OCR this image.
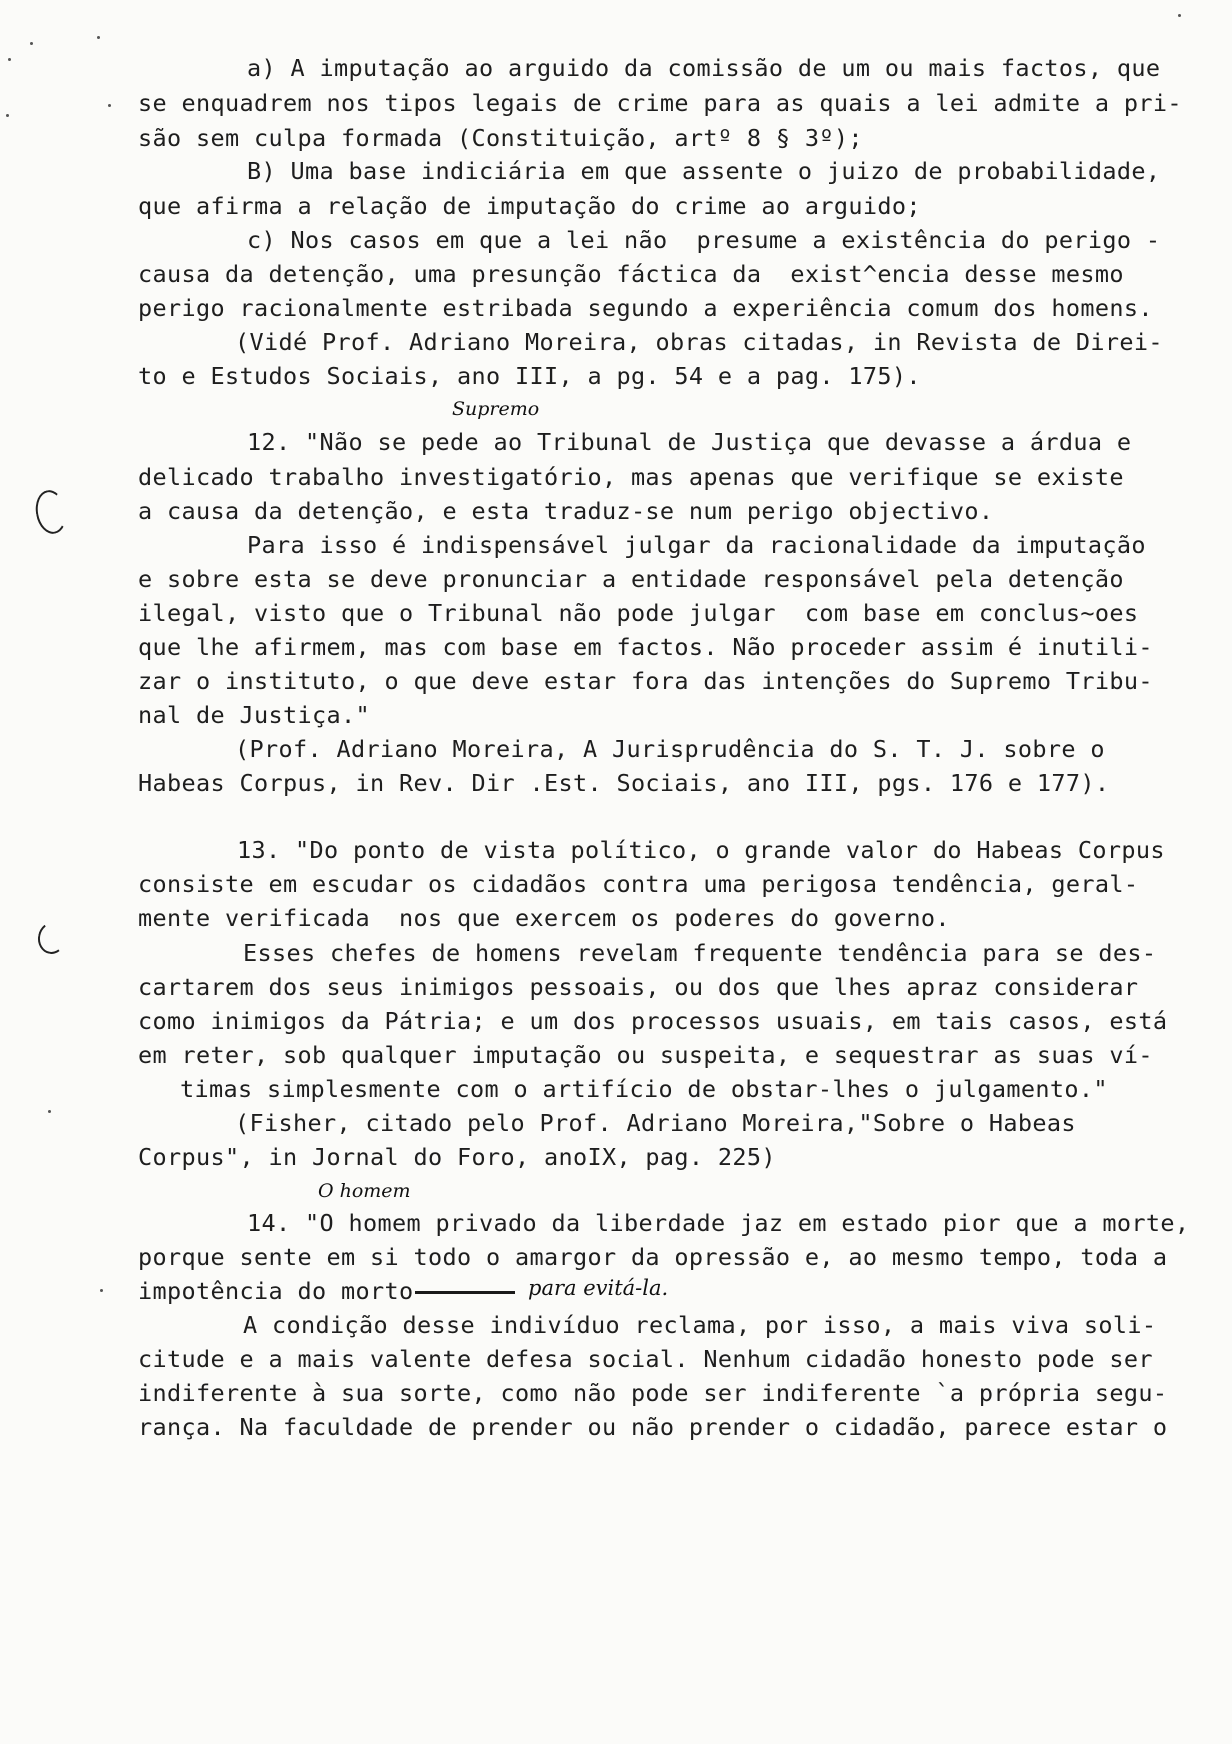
a) A imputação ao arguido da comissão de um ou mais factos, que
se enquadrem nos tipos legais de crime para as quais a lei admite a pri-
são sem culpa formada (Constituição, artº 8 § 3º);
B) Uma base indiciária em que assente o juizo de probabilidade,
que afirma a relação de imputação do crime ao arguido;
c) Nos casos em que a lei não  presume a existência do perigo -
causa da detenção, uma presunção fáctica da  exist^encia desse mesmo
perigo racionalmente estribada segundo a experiência comum dos homens.
(Vidé Prof. Adriano Moreira, obras citadas, in Revista de Direi-
to e Estudos Sociais, ano III, a pg. 54 e a pag. 175).
Supremo
12. "Não se pede ao Tribunal de Justiça que devasse a árdua e
delicado trabalho investigatório, mas apenas que verifique se existe
a causa da detenção, e esta traduz-se num perigo objectivo.
Para isso é indispensável julgar da racionalidade da imputação
e sobre esta se deve pronunciar a entidade responsável pela detenção
ilegal, visto que o Tribunal não pode julgar  com base em conclus~oes
que lhe afirmem, mas com base em factos. Não proceder assim é inutili-
zar o instituto, o que deve estar fora das intenções do Supremo Tribu-
nal de Justiça."
(Prof. Adriano Moreira, A Jurisprudência do S. T. J. sobre o
Habeas Corpus, in Rev. Dir .Est. Sociais, ano III, pgs. 176 e 177).
13. "Do ponto de vista político, o grande valor do Habeas Corpus
consiste em escudar os cidadãos contra uma perigosa tendência, geral-
mente verificada  nos que exercem os poderes do governo.
Esses chefes de homens revelam frequente tendência para se des-
cartarem dos seus inimigos pessoais, ou dos que lhes apraz considerar
como inimigos da Pátria; e um dos processos usuais, em tais casos, está
em reter, sob qualquer imputação ou suspeita, e sequestrar as suas ví-
timas simplesmente com o artifício de obstar-lhes o julgamento."
(Fisher, citado pelo Prof. Adriano Moreira,"Sobre o Habeas
Corpus", in Jornal do Foro, anoIX, pag. 225)
O homem
14. "O homem privado da liberdade jaz em estado pior que a morte,
porque sente em si todo o amargor da opressão e, ao mesmo tempo, toda a
impotência do morto	para evitá-la.
A condição desse indivíduo reclama, por isso, a mais viva soli-
citude e a mais valente defesa social. Nenhum cidadão honesto pode ser
indiferente à sua sorte, como não pode ser indiferente `a própria segu-
rança. Na faculdade de prender ou não prender o cidadão, parece estar o
